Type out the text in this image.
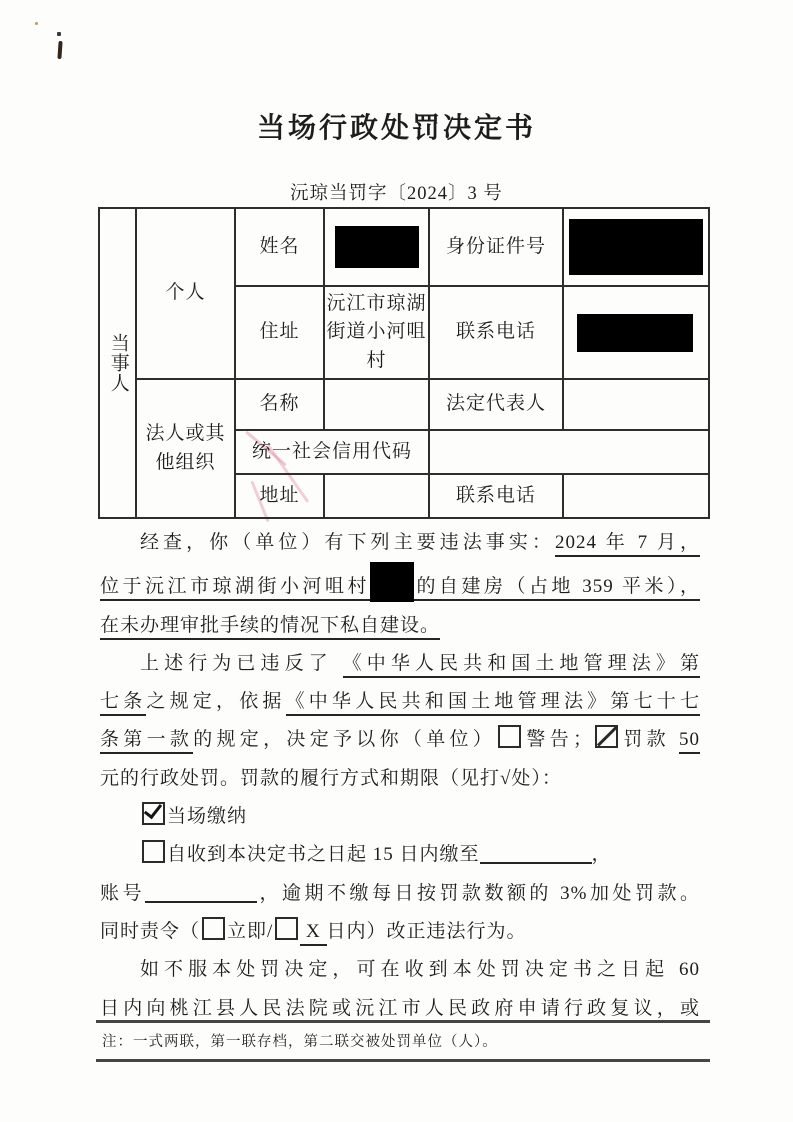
当场行政处罚决定书
沅琼当罚字〔2024〕3 号
当事人	个人	姓名		身份证件号	

		住址	沅江市琼湖街道小河咀村	联系电话	

	法人或其他组织	名称		法定代表人	
		统一社会信用代码			
		地址		联系电话	
经查，你（单位）有下列主要违法事实：2024 年 7 月，
位于沅江市琼湖街小河咀村 的自建房（占地 359 平米），
在未办理审批手续的情况下私自建设。
上述行为已违反了 《中华人民共和国土地管理法》第
七条之规定，依据《中华人民共和国土地管理法》第七十七
条第一款的规定，决定予以你（单位） 警告； 罚款 50
元的行政处罚。罚款的履行方式和期限（见打√处）：
当场缴纳
自收到本决定书之日起 15 日内缴至	，
账号	，逾期不缴每日按罚款数额的 3%加处罚款。
同时责令（ 立即/ X 日内）改正违法行为。
如不服本处罚决定，可在收到本处罚决定书之日起 60
日内向桃江县人民法院或沅江市人民政府申请行政复议，或
注：一式两联，第一联存档，第二联交被处罚单位（人）。
